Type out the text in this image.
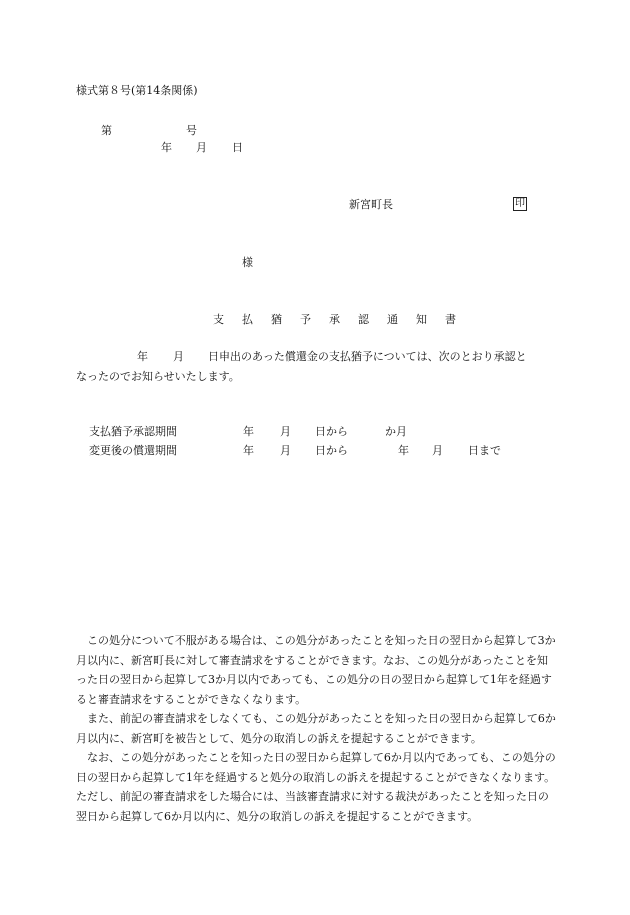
様式第８号(第14条関係)
第	号
年 月 日
新宮町長	印
様
支 払 猶 予 承 認 通 知 書
年 月 日申出のあった償還金の支払猶予については、次のとおり承認と
なったのでお知らせいたします。
支払猶予承認期間	年 月 日から	か月
変更後の償還期間	年 月 日から	年 月 日まで
　この処分について不服がある場合は、この処分があったことを知った日の翌日から起算して3か月以内に、新宮町長に対して審査請求をすることができます。なお、この処分があったことを知った日の翌日から起算して3か月以内であっても、この処分の日の翌日から起算して1年を経過すると審査請求をすることができなくなります。
　また、前記の審査請求をしなくても、この処分があったことを知った日の翌日から起算して6か月以内に、新宮町を被告として、処分の取消しの訴えを提起することができます。
　なお、この処分があったことを知った日の翌日から起算して6か月以内であっても、この処分の日の翌日から起算して1年を経過すると処分の取消しの訴えを提起することができなくなります。ただし、前記の審査請求をした場合には、当該審査請求に対する裁決があったことを知った日の翌日から起算して6か月以内に、処分の取消しの訴えを提起することができます。
